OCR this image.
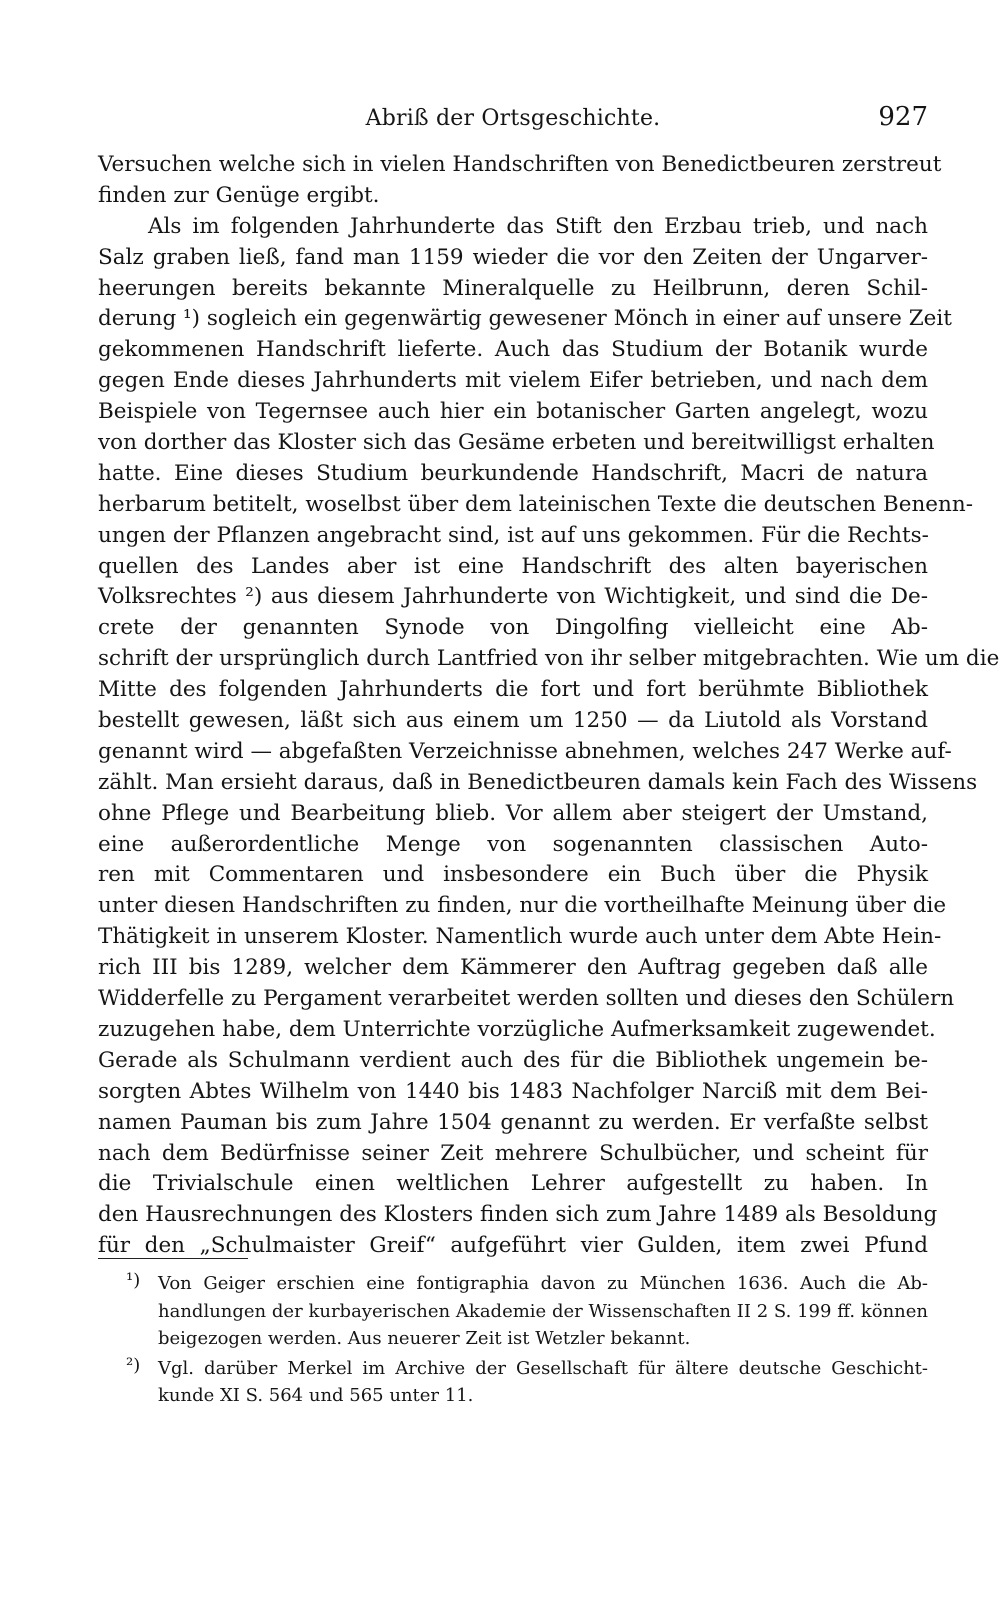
Abriß der Ortsgeschichte.	927
Versuchen welche sich in vielen Handschriften von Benedictbeuren zerstreut
finden zur Genüge ergibt.
Als im folgenden Jahrhunderte das Stift den Erzbau trieb, und nach
Salz graben ließ, fand man 1159 wieder die vor den Zeiten der Ungarver-
heerungen bereits bekannte Mineralquelle zu Heilbrunn, deren Schil-
derung ¹) sogleich ein gegenwärtig gewesener Mönch in einer auf unsere Zeit
gekommenen Handschrift lieferte. Auch das Studium der Botanik wurde
gegen Ende dieses Jahrhunderts mit vielem Eifer betrieben, und nach dem
Beispiele von Tegernsee auch hier ein botanischer Garten angelegt, wozu
von dorther das Kloster sich das Gesäme erbeten und bereitwilligst erhalten
hatte. Eine dieses Studium beurkundende Handschrift, Macri de natura
herbarum betitelt, woselbst über dem lateinischen Texte die deutschen Benenn-
ungen der Pflanzen angebracht sind, ist auf uns gekommen. Für die Rechts-
quellen des Landes aber ist eine Handschrift des alten bayerischen
Volksrechtes ²) aus diesem Jahrhunderte von Wichtigkeit, und sind die De-
crete der genannten Synode von Dingolfing vielleicht eine Ab-
schrift der ursprünglich durch Lantfried von ihr selber mitgebrachten. Wie um die
Mitte des folgenden Jahrhunderts die fort und fort berühmte Bibliothek
bestellt gewesen, läßt sich aus einem um 1250 — da Liutold als Vorstand
genannt wird — abgefaßten Verzeichnisse abnehmen, welches 247 Werke auf-
zählt. Man ersieht daraus, daß in Benedictbeuren damals kein Fach des Wissens
ohne Pflege und Bearbeitung blieb. Vor allem aber steigert der Umstand,
eine außerordentliche Menge von sogenannten classischen Auto-
ren mit Commentaren und insbesondere ein Buch über die Physik
unter diesen Handschriften zu finden, nur die vortheilhafte Meinung über die
Thätigkeit in unserem Kloster. Namentlich wurde auch unter dem Abte Hein-
rich III bis 1289, welcher dem Kämmerer den Auftrag gegeben daß alle
Widderfelle zu Pergament verarbeitet werden sollten und dieses den Schülern
zuzugehen habe, dem Unterrichte vorzügliche Aufmerksamkeit zugewendet.
Gerade als Schulmann verdient auch des für die Bibliothek ungemein be-
sorgten Abtes Wilhelm von 1440 bis 1483 Nachfolger Narciß mit dem Bei-
namen Pauman bis zum Jahre 1504 genannt zu werden. Er verfaßte selbst
nach dem Bedürfnisse seiner Zeit mehrere Schulbücher, und scheint für
die Trivialschule einen weltlichen Lehrer aufgestellt zu haben. In
den Hausrechnungen des Klosters finden sich zum Jahre 1489 als Besoldung
für den „Schulmaister Greif“ aufgeführt vier Gulden, item zwei Pfund
¹) Von Geiger erschien eine fontigraphia davon zu München 1636. Auch die Ab-
handlungen der kurbayerischen Akademie der Wissenschaften II 2 S. 199 ff. können
beigezogen werden. Aus neuerer Zeit ist Wetzler bekannt.
²) Vgl. darüber Merkel im Archive der Gesellschaft für ältere deutsche Geschicht-
kunde XI S. 564 und 565 unter 11.
